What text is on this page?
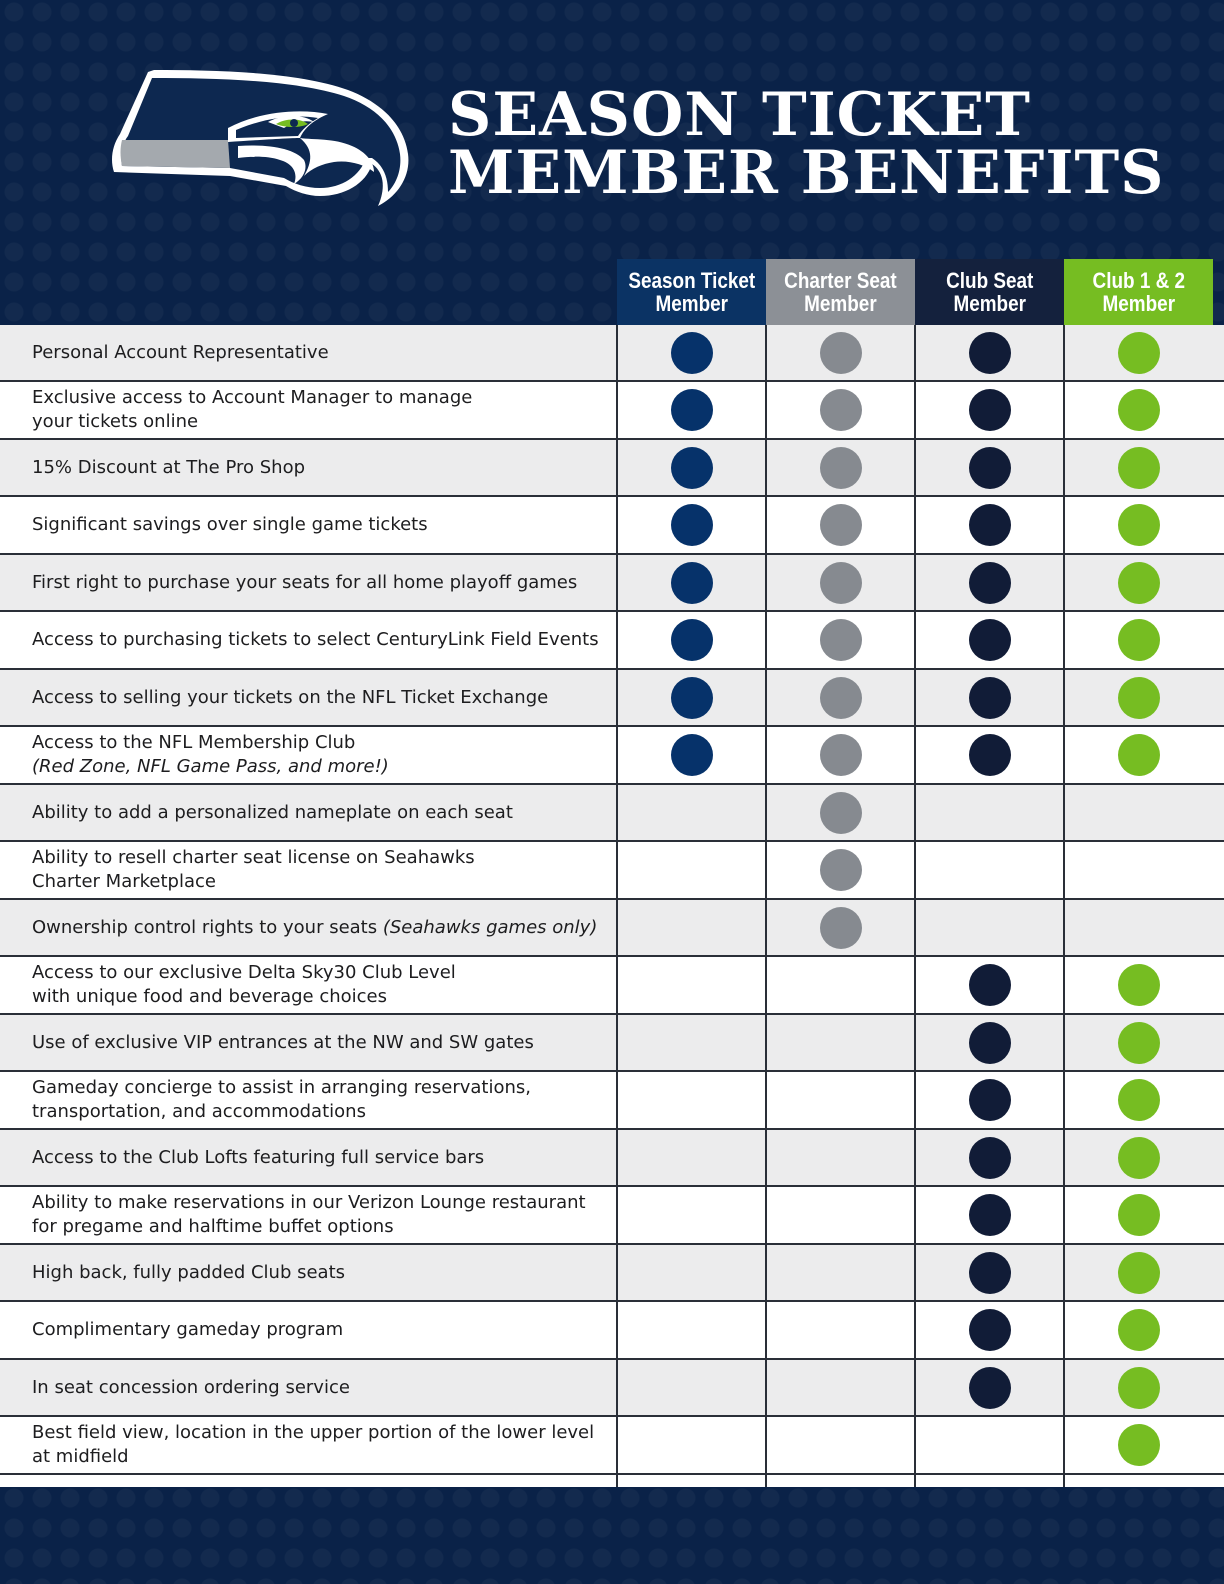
SEASON TICKET
MEMBER BENEFITS
Season Ticket
Member
Charter Seat
Member
Club Seat
Member
Club 1 & 2
Member
Personal Account Representative
Exclusive access to Account Manager to manage
your tickets online
15% Discount at The Pro Shop
Significant savings over single game tickets
First right to purchase your seats for all home playoff games
Access to purchasing tickets to select CenturyLink Field Events
Access to selling your tickets on the NFL Ticket Exchange
Access to the NFL Membership Club
(Red Zone, NFL Game Pass, and more!)
Ability to add a personalized nameplate on each seat
Ability to resell charter seat license on Seahawks
Charter Marketplace
Ownership control rights to your seats (Seahawks games only)
Access to our exclusive Delta Sky30 Club Level
with unique food and beverage choices
Use of exclusive VIP entrances at the NW and SW gates
Gameday concierge to assist in arranging reservations,
transportation, and accommodations
Access to the Club Lofts featuring full service bars
Ability to make reservations in our Verizon Lounge restaurant
for pregame and halftime buffet options
High back, fully padded Club seats
Complimentary gameday program
In seat concession ordering service
Best field view, location in the upper portion of the lower level
at midfield
